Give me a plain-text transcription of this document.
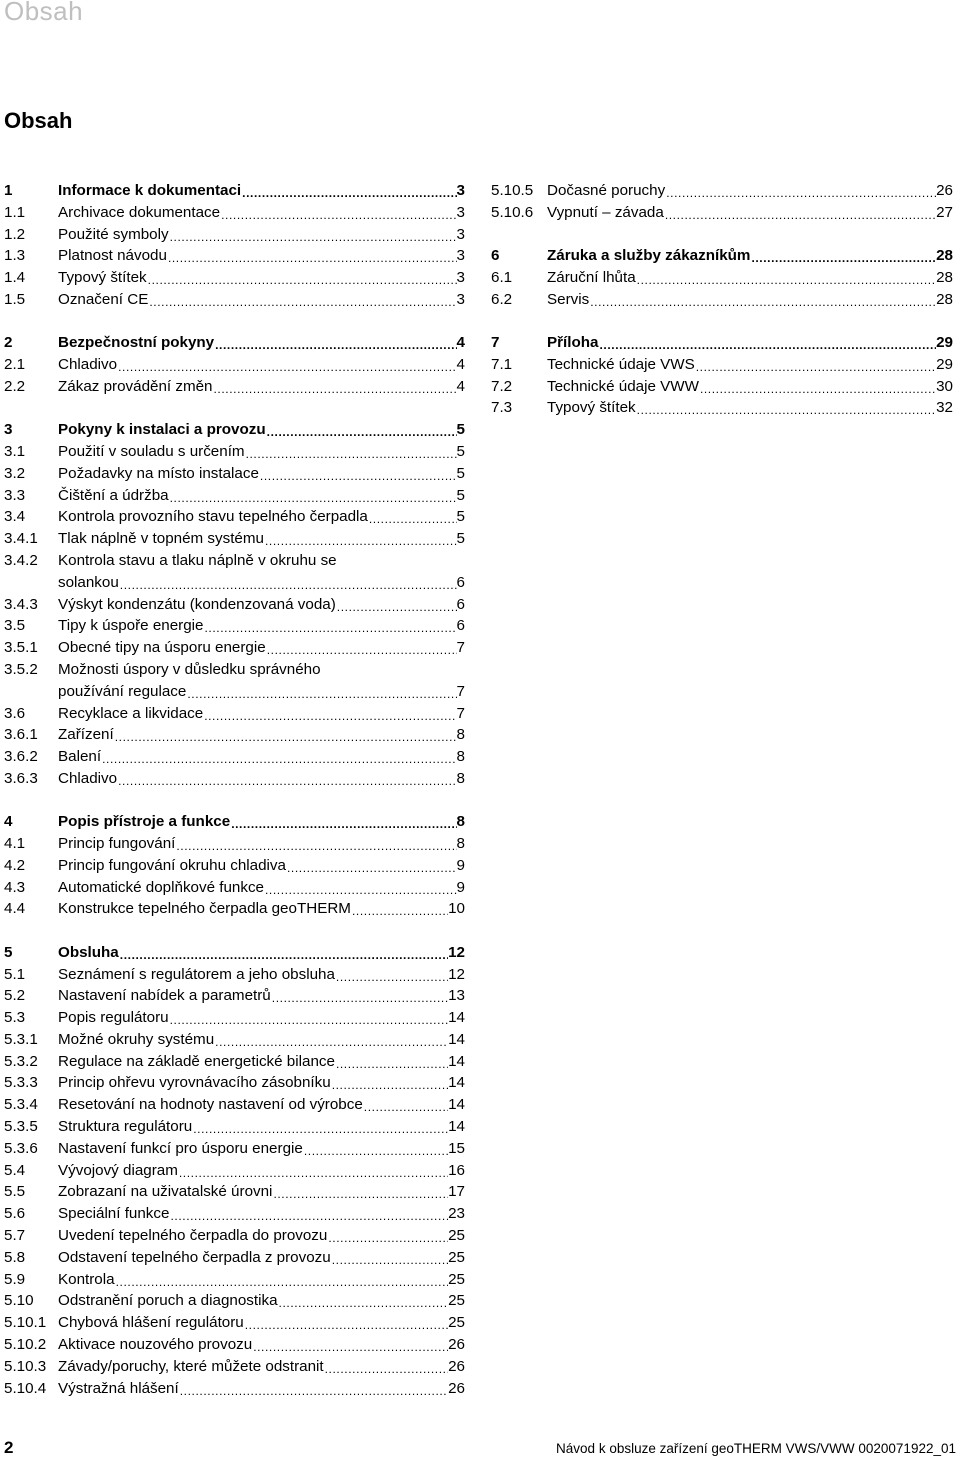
Obsah
Obsah
1	Informace k dokumentaci .....	3
1.1	Archivace dokumentace .....	3
1.2	Použité symboly .....	3
1.3	Platnost návodu .....	3
1.4	Typový štítek .....	3
1.5	Označení CE .....	3
2	Bezpečnostní pokyny .....	4
2.1	Chladivo .....	4
2.2	Zákaz provádění změn .....	4
3	Pokyny k instalaci a provozu .....	5
3.1	Použití v souladu s určením .....	5
3.2	Požadavky na místo instalace .....	5
3.3	Čištění a údržba .....	5
3.4	Kontrola provozního stavu tepelného čerpadla .....	5
3.4.1	Tlak náplně v topném systému .....	5
3.4.2	Kontrola stavu a tlaku náplně v okruhu se
solankou .....	6
3.4.3	Výskyt kondenzátu (kondenzovaná voda) .....	6
3.5	Tipy k úspoře energie .....	6
3.5.1	Obecné tipy na úsporu energie .....	7
3.5.2	Možnosti úspory v důsledku správného
používání regulace .....	7
3.6	Recyklace a likvidace .....	7
3.6.1	Zařízení .....	8
3.6.2	Balení .....	8
3.6.3	Chladivo .....	8
4	Popis přístroje a funkce .....	8
4.1	Princip fungování .....	8
4.2	Princip fungování okruhu chladiva .....	9
4.3	Automatické doplňkové funkce .....	9
4.4	Konstrukce tepelného čerpadla geoTHERM .....	10
5	Obsluha .....	12
5.1	Seznámení s regulátorem a jeho obsluha .....	12
5.2	Nastavení nabídek a parametrů .....	13
5.3	Popis regulátoru .....	14
5.3.1	Možné okruhy systému .....	14
5.3.2	Regulace na základě energetické bilance .....	14
5.3.3	Princip ohřevu vyrovnávacího zásobníku .....	14
5.3.4	Resetování na hodnoty nastavení od výrobce .....	14
5.3.5	Struktura regulátoru .....	14
5.3.6	Nastavení funkcí pro úsporu energie .....	15
5.4	Vývojový diagram .....	16
5.5	Zobrazaní na uživatalské úrovni .....	17
5.6	Speciální funkce .....	23
5.7	Uvedení tepelného čerpadla do provozu .....	25
5.8	Odstavení tepelného čerpadla z provozu .....	25
5.9	Kontrola .....	25
5.10	Odstranění poruch a diagnostika .....	25
5.10.1 Chybová hlášení regulátoru .....	25
5.10.2 Aktivace nouzového provozu .....	26
5.10.3 Závady/poruchy, které můžete odstranit .....	26
5.10.4 Výstražná hlášení .....	26
5.10.5 Dočasné poruchy .....	26
5.10.6 Vypnutí – závada .....	27
6	Záruka a služby zákazníkům .....	28
6.1	Záruční lhůta .....	28
6.2	Servis .....	28
7	Příloha .....	29
7.1	Technické údaje VWS .....	29
7.2	Technické údaje VWW .....	30
7.3	Typový štítek .....	32
2	Návod k obsluze zařízení geoTHERM VWS/VWW 0020071922_01
